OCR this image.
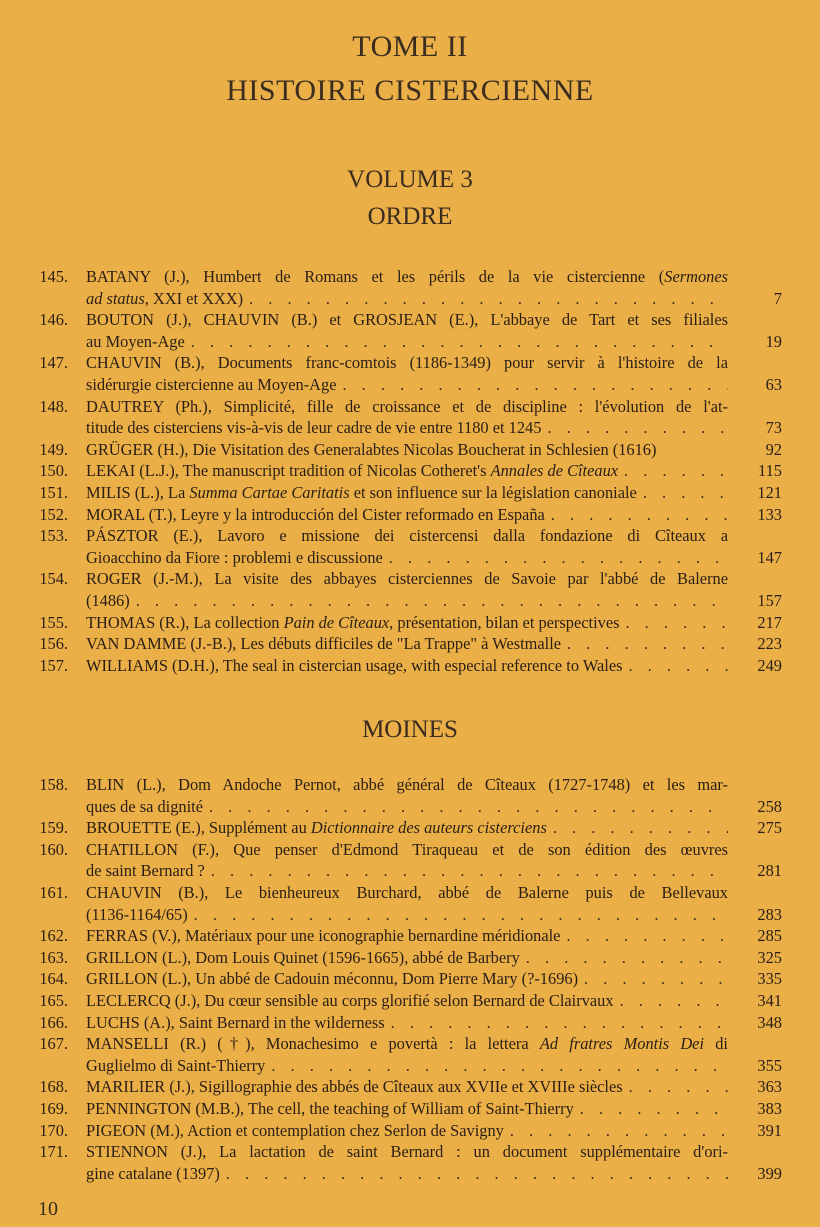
TOME II
HISTOIRE CISTERCIENNE
VOLUME 3
ORDRE
145. BATANY (J.), Humbert de Romans et les périls de la vie cistercienne (Sermones
ad status, XXI et XXX) . . .	7
146. BOUTON (J.), CHAUVIN (B.) et GROSJEAN (E.), L'abbaye de Tart et ses filiales
au Moyen-Age . . .	19
147. CHAUVIN (B.), Documents franc-comtois (1186-1349) pour servir à l'histoire de la
sidérurgie cistercienne au Moyen-Age . . .	63
148. DAUTREY (Ph.), Simplicité, fille de croissance et de discipline : l'évolution de l'at-
titude des cisterciens vis-à-vis de leur cadre de vie entre 1180 et 1245 . . .	73
149. GRÜGER (H.), Die Visitation des Generalabtes Nicolas Boucherat in Schlesien (1616)	92
150. LEKAI (L.J.), The manuscript tradition of Nicolas Cotheret's Annales de Cîteaux . . .	115
151. MILIS (L.), La Summa Cartae Caritatis et son influence sur la législation canoniale . . .	121
152. MORAL (T.), Leyre y la introducción del Cister reformado en España . . .	133
153. PÁSZTOR (E.), Lavoro e missione dei cistercensi dalla fondazione di Cîteaux a
Gioacchino da Fiore : problemi e discussione . . .	147
154. ROGER (J.-M.), La visite des abbayes cisterciennes de Savoie par l'abbé de Balerne
(1486) . . .	157
155. THOMAS (R.), La collection Pain de Cîteaux, présentation, bilan et perspectives . . .	217
156. VAN DAMME (J.-B.), Les débuts difficiles de "La Trappe" à Westmalle . . .	223
157. WILLIAMS (D.H.), The seal in cistercian usage, with especial reference to Wales . . .	249
MOINES
158. BLIN (L.), Dom Andoche Pernot, abbé général de Cîteaux (1727-1748) et les mar-
ques de sa dignité . . .	258
159. BROUETTE (E.), Supplément au Dictionnaire des auteurs cisterciens . . .	275
160. CHATILLON (F.), Que penser d'Edmond Tiraqueau et de son édition des œuvres
de saint Bernard ? . . .	281
161. CHAUVIN (B.), Le bienheureux Burchard, abbé de Balerne puis de Bellevaux
(1136-1164/65) . . .	283
162. FERRAS (V.), Matériaux pour une iconographie bernardine méridionale . . .	285
163. GRILLON (L.), Dom Louis Quinet (1596-1665), abbé de Barbery . . .	325
164. GRILLON (L.), Un abbé de Cadouin méconnu, Dom Pierre Mary (?-1696) . . .	335
165. LECLERCQ (J.), Du cœur sensible au corps glorifié selon Bernard de Clairvaux . . .	341
166. LUCHS (A.), Saint Bernard in the wilderness . . .	348
167. MANSELLI (R.) (†), Monachesimo e povertà : la lettera Ad fratres Montis Dei di
Guglielmo di Saint-Thierry . . .	355
168. MARILIER (J.), Sigillographie des abbés de Cîteaux aux XVIIe et XVIIIe siècles . . .	363
169. PENNINGTON (M.B.), The cell, the teaching of William of Saint-Thierry . . .	383
170. PIGEON (M.), Action et contemplation chez Serlon de Savigny . . .	391
171. STIENNON (J.), La lactation de saint Bernard : un document supplémentaire d'ori-
gine catalane (1397) . . .	399
10
